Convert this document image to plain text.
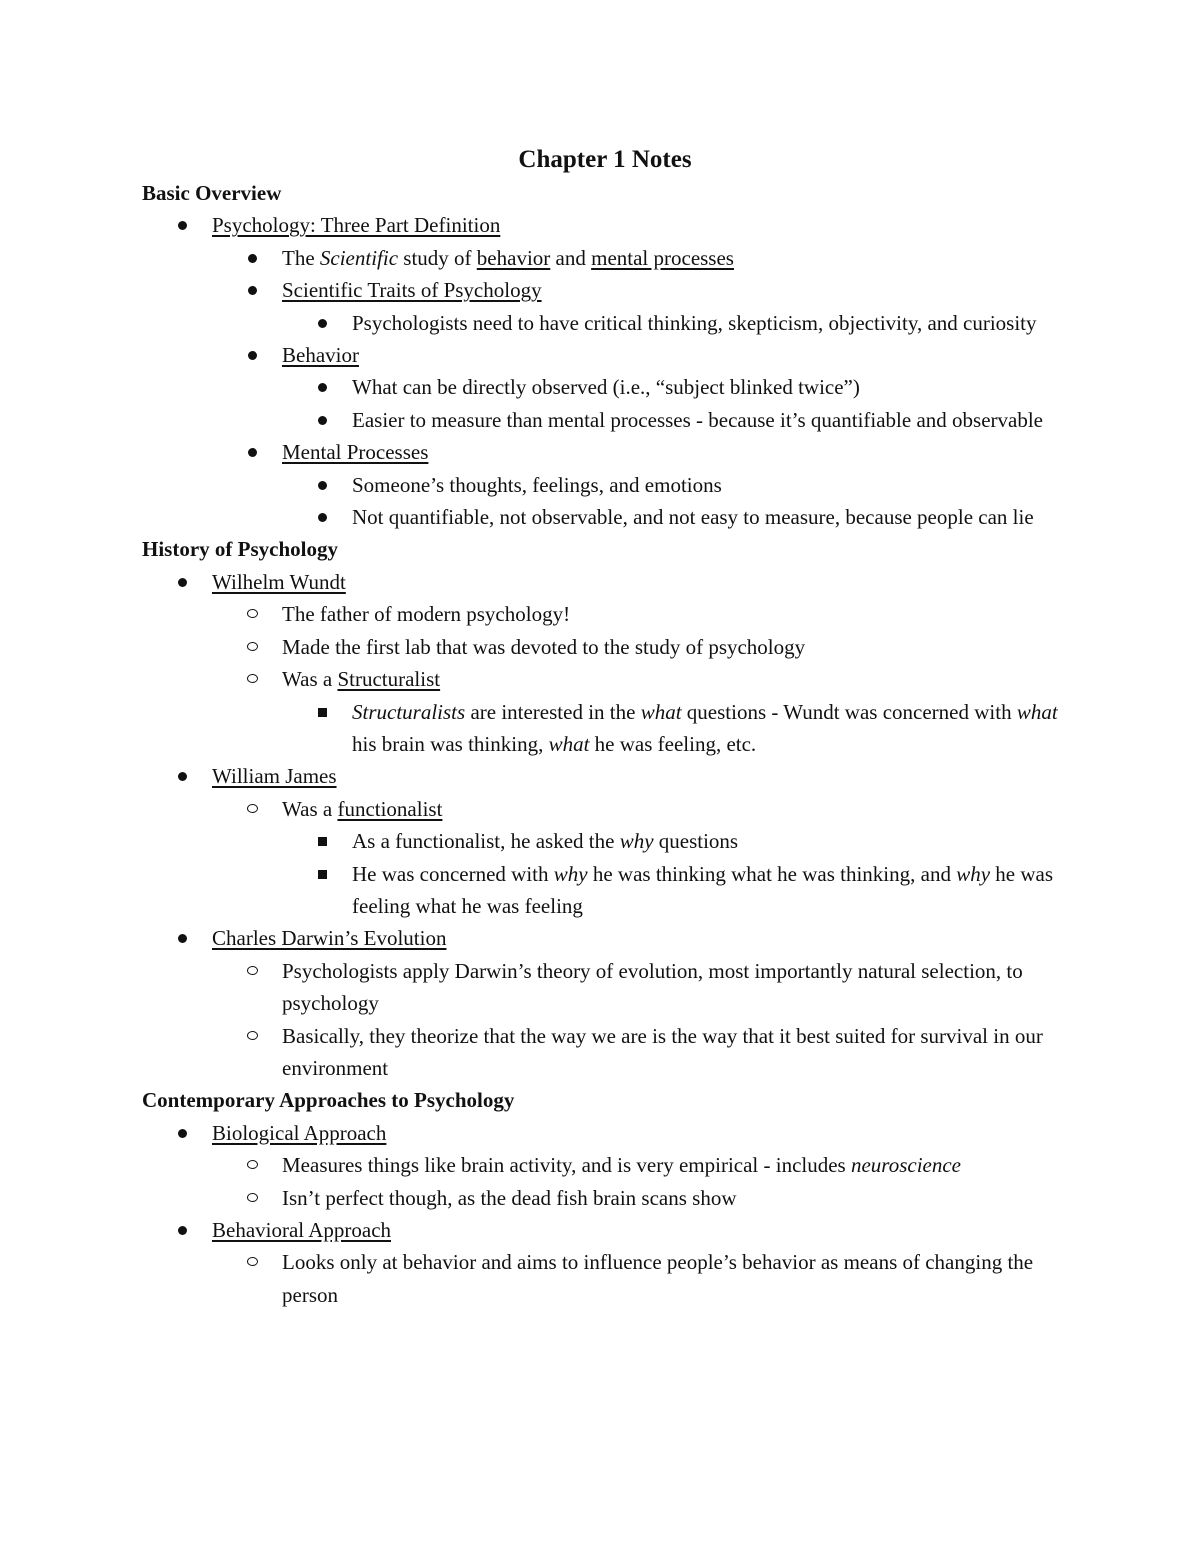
Chapter 1 Notes
Basic Overview
Psychology: Three Part Definition
The Scientific study of behavior and mental processes
Scientific Traits of Psychology
Psychologists need to have critical thinking, skepticism, objectivity, and curiosity
Behavior
What can be directly observed (i.e., “subject blinked twice”)
Easier to measure than mental processes - because it’s quantifiable and observable
Mental Processes
Someone’s thoughts, feelings, and emotions
Not quantifiable, not observable, and not easy to measure, because people can lie
History of Psychology
Wilhelm Wundt
The father of modern psychology!
Made the first lab that was devoted to the study of psychology
Was a Structuralist
Structuralists are interested in the what questions - Wundt was concerned with what his brain was thinking, what he was feeling, etc.
William James
Was a functionalist
As a functionalist, he asked the why questions
He was concerned with why he was thinking what he was thinking, and why he was feeling what he was feeling
Charles Darwin’s Evolution
Psychologists apply Darwin’s theory of evolution, most importantly natural selection, to psychology
Basically, they theorize that the way we are is the way that it best suited for survival in our environment
Contemporary Approaches to Psychology
Biological Approach
Measures things like brain activity, and is very empirical - includes neuroscience
Isn’t perfect though, as the dead fish brain scans show
Behavioral Approach
Looks only at behavior and aims to influence people’s behavior as means of changing the person
